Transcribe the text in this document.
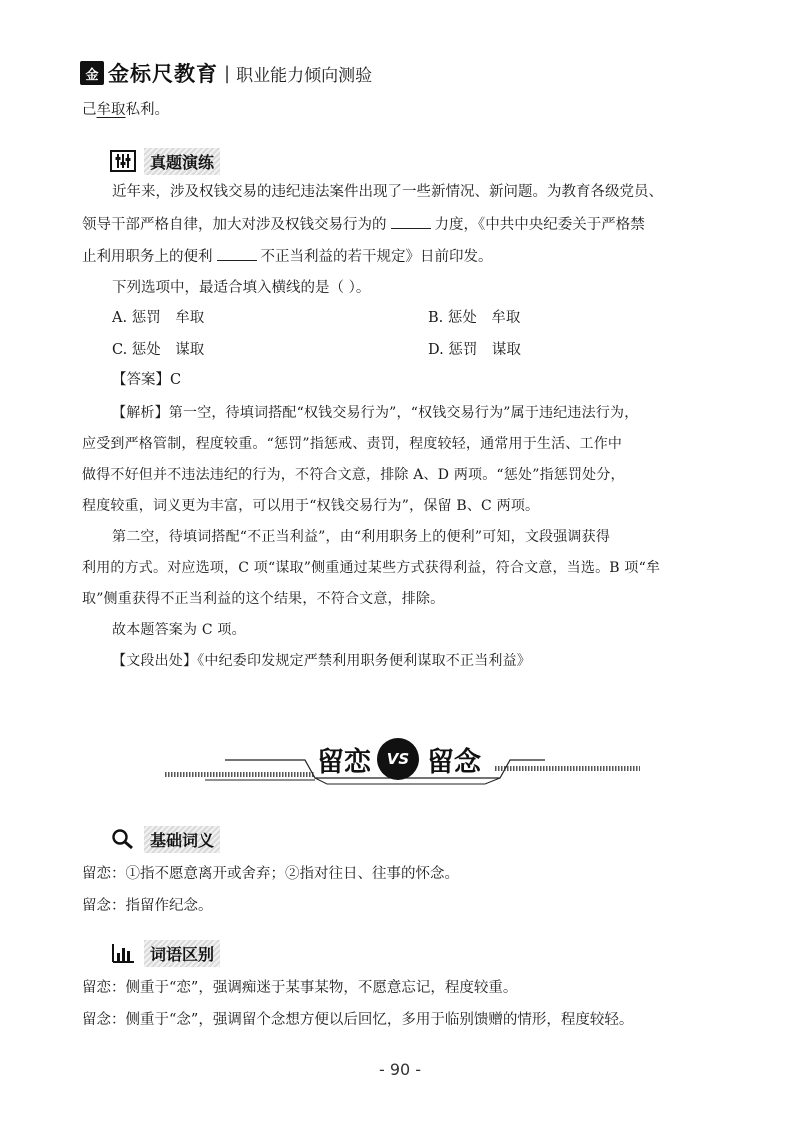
金 金标尺教育 | 职业能力倾向测验
己牟取私利。
真题演练
近年来，涉及权钱交易的违纪违法案件出现了一些新情况、新问题。为教育各级党员、
领导干部严格自律，加大对涉及权钱交易行为的	力度，《中共中央纪委关于严格禁
止利用职务上的便利	不正当利益的若干规定》日前印发。
下列选项中，最适合填入横线的是（ ）。
A. 惩罚　牟取	B. 惩处　牟取
C. 惩处　谋取	D. 惩罚　谋取
【答案】C
【解析】第一空，待填词搭配“权钱交易行为”，“权钱交易行为”属于违纪违法行为，
应受到严格管制，程度较重。“惩罚”指惩戒、责罚，程度较轻，通常用于生活、工作中
做得不好但并不违法违纪的行为，不符合文意，排除 A、D 两项。“惩处”指惩罚处分，
程度较重，词义更为丰富，可以用于“权钱交易行为”，保留 B、C 两项。
第二空，待填词搭配“不正当利益”，由“利用职务上的便利”可知，文段强调获得
利用的方式。对应选项，C 项“谋取”侧重通过某些方式获得利益，符合文意，当选。B 项“牟
取”侧重获得不正当利益的这个结果，不符合文意，排除。
故本题答案为 C 项。
【文段出处】《中纪委印发规定严禁利用职务便利谋取不正当利益》
留恋	VS 留念
基础词义
留恋：①指不愿意离开或舍弃；②指对往日、往事的怀念。
留念：指留作纪念。
词语区别
留恋：侧重于“恋”，强调痴迷于某事某物，不愿意忘记，程度较重。
留念：侧重于“念”，强调留个念想方便以后回忆，多用于临别馈赠的情形，程度较轻。
- 90 -
